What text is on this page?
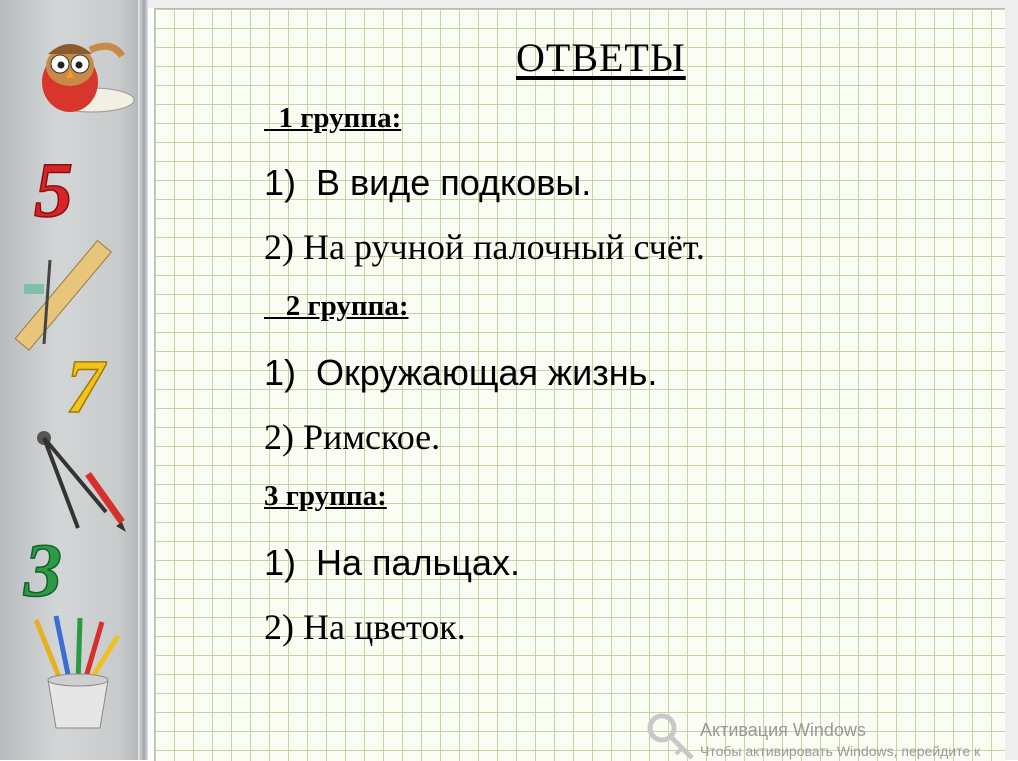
5
7
3
ОТВЕТЫ
1 группа:
1)  В виде подковы.
2) На ручной палочный счёт.
2 группа:
1)  Окружающая жизнь.
2) Римское.
3 группа:
1)  На пальцах.
2) На цветок.
Активация Windows
Чтобы активировать Windows, перейдите к
